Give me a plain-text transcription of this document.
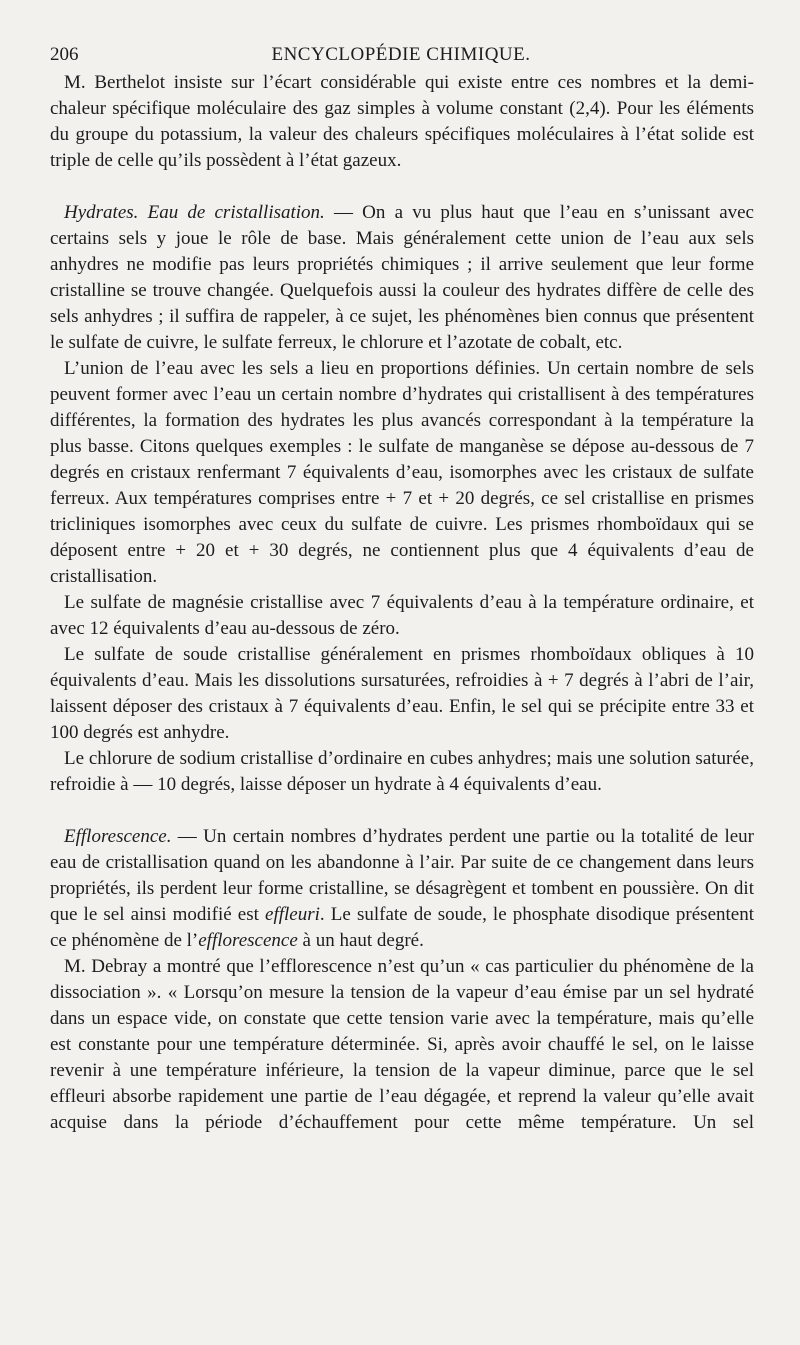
206	ENCYCLOPÉDIE CHIMIQUE.

M. Berthelot insiste sur l’écart considérable qui existe entre ces nombres et la demi-chaleur spécifique moléculaire des gaz simples à volume constant (2,4). Pour les éléments du groupe du potassium, la valeur des chaleurs spécifiques moléculaires à l’état solide est triple de celle qu’ils possèdent à l’état gazeux.

Hydrates. Eau de cristallisation. — On a vu plus haut que l’eau en s’unissant avec certains sels y joue le rôle de base. Mais généralement cette union de l’eau aux sels anhydres ne modifie pas leurs propriétés chimiques ; il arrive seulement que leur forme cristalline se trouve changée. Quelquefois aussi la couleur des hydrates diffère de celle des sels anhydres ; il suffira de rappeler, à ce sujet, les phénomènes bien connus que présentent le sulfate de cuivre, le sulfate ferreux, le chlorure et l’azotate de cobalt, etc.

L’union de l’eau avec les sels a lieu en proportions définies. Un certain nombre de sels peuvent former avec l’eau un certain nombre d’hydrates qui cristallisent à des températures différentes, la formation des hydrates les plus avancés correspondant à la température la plus basse. Citons quelques exemples : le sulfate de manganèse se dépose au-dessous de 7 degrés en cristaux renfermant 7 équivalents d’eau, isomorphes avec les cristaux de sulfate ferreux. Aux températures comprises entre + 7 et + 20 degrés, ce sel cristallise en prismes tricliniques isomorphes avec ceux du sulfate de cuivre. Les prismes rhomboïdaux qui se déposent entre + 20 et + 30 degrés, ne contiennent plus que 4 équivalents d’eau de cristallisation.

Le sulfate de magnésie cristallise avec 7 équivalents d’eau à la température ordinaire, et avec 12 équivalents d’eau au-dessous de zéro.

Le sulfate de soude cristallise généralement en prismes rhomboïdaux obliques à 10 équivalents d’eau. Mais les dissolutions sursaturées, refroidies à + 7 degrés à l’abri de l’air, laissent déposer des cristaux à 7 équivalents d’eau. Enfin, le sel qui se précipite entre 33 et 100 degrés est anhydre.

Le chlorure de sodium cristallise d’ordinaire en cubes anhydres; mais une solution saturée, refroidie à — 10 degrés, laisse déposer un hydrate à 4 équivalents d’eau.

Efflorescence. — Un certain nombres d’hydrates perdent une partie ou la totalité de leur eau de cristallisation quand on les abandonne à l’air. Par suite de ce changement dans leurs propriétés, ils perdent leur forme cristalline, se désagrègent et tombent en poussière. On dit que le sel ainsi modifié est effleuri. Le sulfate de soude, le phosphate disodique présentent ce phénomène de l’efflorescence à un haut degré.

M. Debray a montré que l’efflorescence n’est qu’un « cas particulier du phénomène de la dissociation ». « Lorsqu’on mesure la tension de la vapeur d’eau émise par un sel hydraté dans un espace vide, on constate que cette tension varie avec la température, mais qu’elle est constante pour une température déterminée. Si, après avoir chauffé le sel, on le laisse revenir à une température inférieure, la tension de la vapeur diminue, parce que le sel effleuri absorbe rapidement une partie de l’eau dégagée, et reprend la valeur qu’elle avait acquise dans la période d’échauffement pour cette même température. Un sel
